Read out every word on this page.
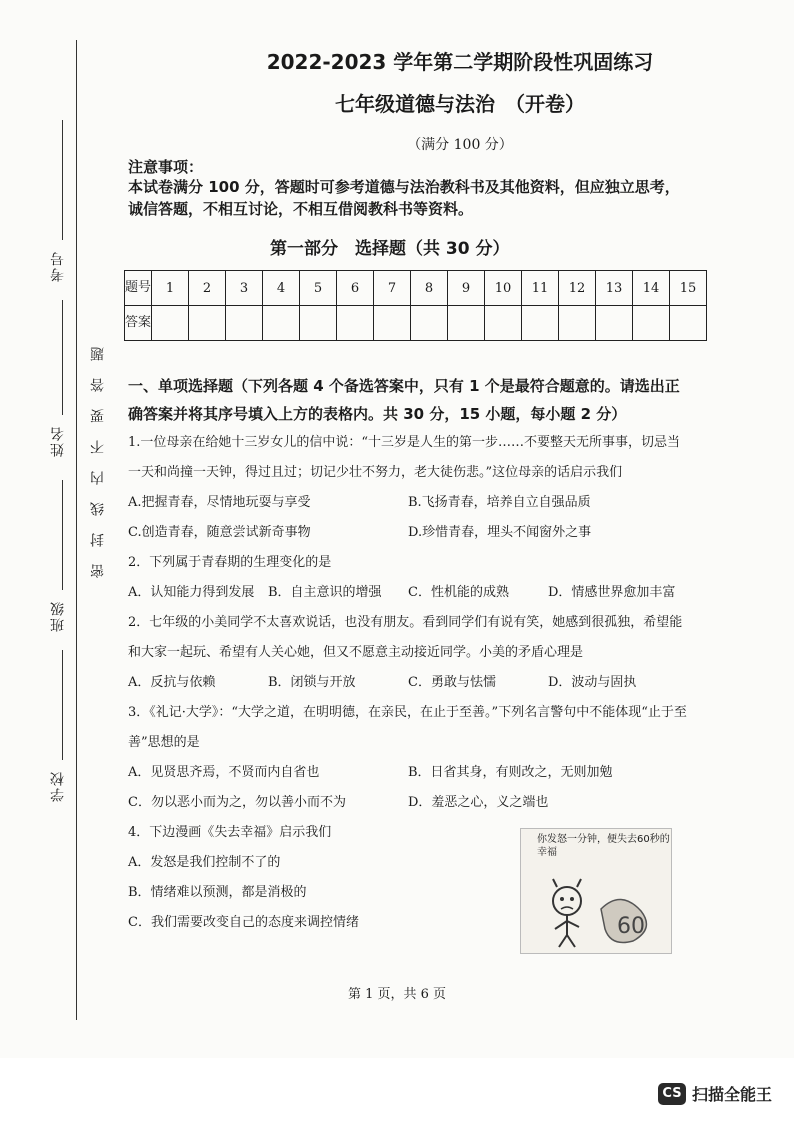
考号
姓名
班级
学校
密封线内不要答题
2022-2023 学年第二学期阶段性巩固练习
七年级道德与法治　（开卷）
（满分 100 分）
注意事项：
本试卷满分 100 分，答题时可参考道德与法治教科书及其他资料，但应独立思考，诚信答题，不相互讨论，不相互借阅教科书等资料。
第一部分　选择题（共 30 分）
题号	1	2	3	4	5	6	7	8	9	10	11	12	13	14	15
答案															
一、单项选择题（下列各题 4 个备选答案中，只有 1 个是最符合题意的。请选出正确答案并将其序号填入上方的表格内。共 30 分，15 小题，每小题 2 分）
1.一位母亲在给她十三岁女儿的信中说：“十三岁是人生的第一步……不要整天无所事事，切忌当一天和尚撞一天钟，得过且过；切记少壮不努力，老大徒伤悲。”这位母亲的话启示我们
A.把握青春，尽情地玩耍与享受	B.飞扬青春，培养自立自强品质
C.创造青春，随意尝试新奇事物	D.珍惜青春，埋头不闻窗外之事
2．下列属于青春期的生理变化的是
A．认知能力得到发展	B．自主意识的增强	C．性机能的成熟	D．情感世界愈加丰富
2．七年级的小美同学不太喜欢说话，也没有朋友。看到同学们有说有笑，她感到很孤独，希望能和大家一起玩、希望有人关心她，但又不愿意主动接近同学。小美的矛盾心理是
A．反抗与依赖	B．闭锁与开放	C．勇敢与怯懦	D．波动与固执
3．《礼记·大学》：“大学之道，在明明德，在亲民，在止于至善。”下列名言警句中不能体现“止于至善”思想的是
A．见贤思齐焉，不贤而内自省也	B．日省其身，有则改之，无则加勉
C．勿以恶小而为之，勿以善小而不为	D．羞恶之心，义之端也
4．下边漫画《失去幸福》启示我们
A．发怒是我们控制不了的
B．情绪难以预测，都是消极的
C．我们需要改变自己的态度来调控情绪
你发怒一分钟，便失去60秒的幸福
60
第 1 页，共 6 页
CS 扫描全能王
